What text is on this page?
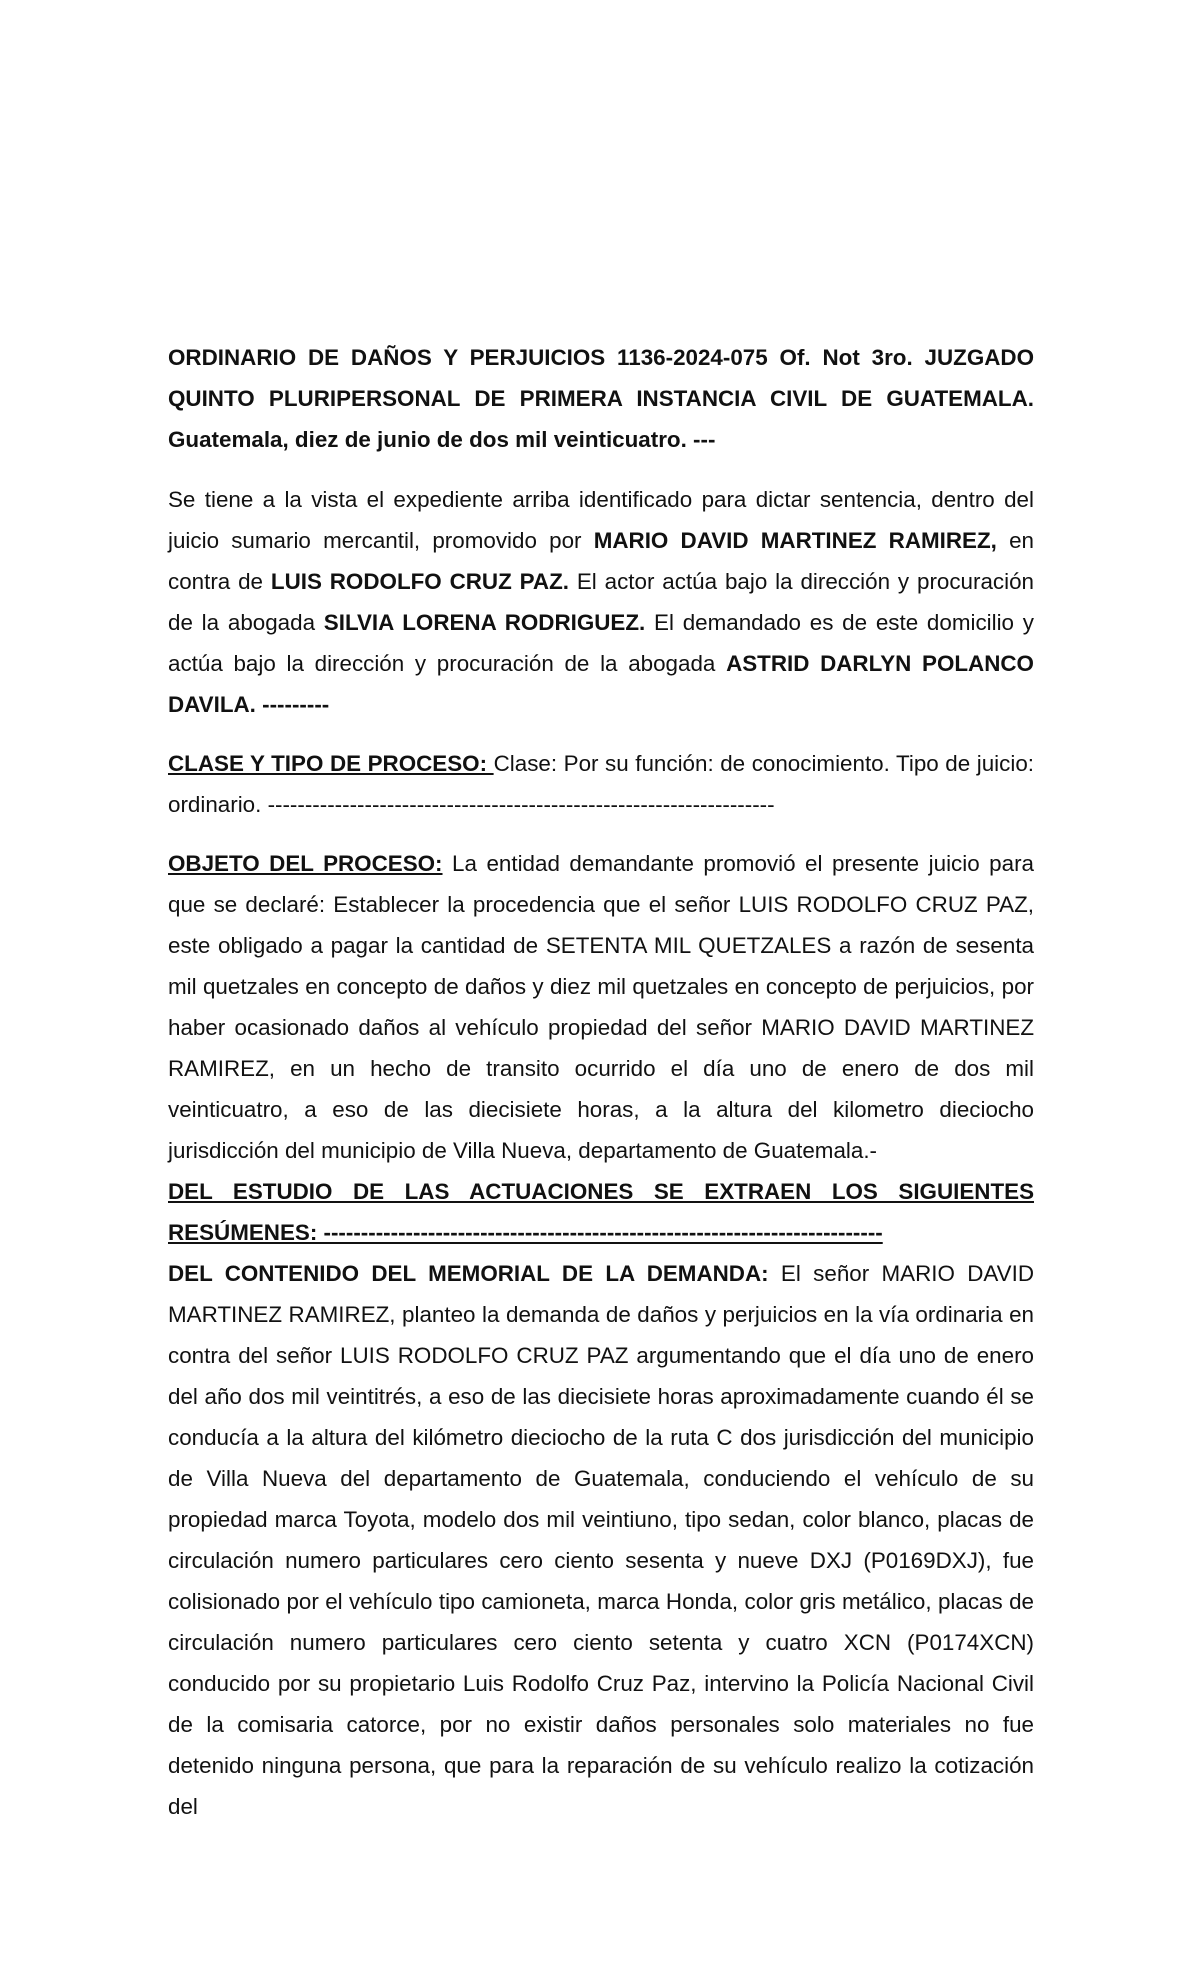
ORDINARIO DE DAÑOS Y PERJUICIOS 1136-2024-075 Of. Not 3ro. JUZGADO QUINTO PLURIPERSONAL DE PRIMERA INSTANCIA CIVIL DE GUATEMALA. Guatemala, diez de junio de dos mil veinticuatro. ---

Se tiene a la vista el expediente arriba identificado para dictar sentencia, dentro del juicio sumario mercantil, promovido por MARIO DAVID MARTINEZ RAMIREZ, en contra de LUIS RODOLFO CRUZ PAZ. El actor actúa bajo la dirección y procuración de la abogada SILVIA LORENA RODRIGUEZ. El demandado es de este domicilio y actúa bajo la dirección y procuración de la abogada ASTRID DARLYN POLANCO DAVILA. ---------

CLASE Y TIPO DE PROCESO: Clase: Por su función: de conocimiento. Tipo de juicio: ordinario. --------------------------------------------------------------------

OBJETO DEL PROCESO: La entidad demandante promovió el presente juicio para que se declaré: Establecer la procedencia que el señor LUIS RODOLFO CRUZ PAZ, este obligado a pagar la cantidad de SETENTA MIL QUETZALES a razón de sesenta mil quetzales en concepto de daños y diez mil quetzales en concepto de perjuicios, por haber ocasionado daños al vehículo propiedad del señor MARIO DAVID MARTINEZ RAMIREZ, en un hecho de transito ocurrido el día uno de enero de dos mil veinticuatro, a eso de las diecisiete horas, a la altura del kilometro dieciocho jurisdicción del municipio de Villa Nueva, departamento de Guatemala.-

DEL ESTUDIO DE LAS ACTUACIONES SE EXTRAEN LOS SIGUIENTES RESÚMENES: ---------------------------------------------------------------------------

DEL CONTENIDO DEL MEMORIAL DE LA DEMANDA: El señor MARIO DAVID MARTINEZ RAMIREZ, planteo la demanda de daños y perjuicios en la vía ordinaria en contra del señor LUIS RODOLFO CRUZ PAZ argumentando que el día uno de enero del año dos mil veintitrés, a eso de las diecisiete horas aproximadamente cuando él se conducía a la altura del kilómetro dieciocho de la ruta C dos jurisdicción del municipio de Villa Nueva del departamento de Guatemala, conduciendo el vehículo de su propiedad marca Toyota, modelo dos mil veintiuno, tipo sedan, color blanco, placas de circulación numero particulares cero ciento sesenta y nueve DXJ (P0169DXJ), fue colisionado por el vehículo tipo camioneta, marca Honda, color gris metálico, placas de circulación numero particulares cero ciento setenta y cuatro XCN (P0174XCN) conducido por su propietario Luis Rodolfo Cruz Paz, intervino la Policía Nacional Civil de la comisaria catorce, por no existir daños personales solo materiales no fue detenido ninguna persona, que para la reparación de su vehículo realizo la cotización del
